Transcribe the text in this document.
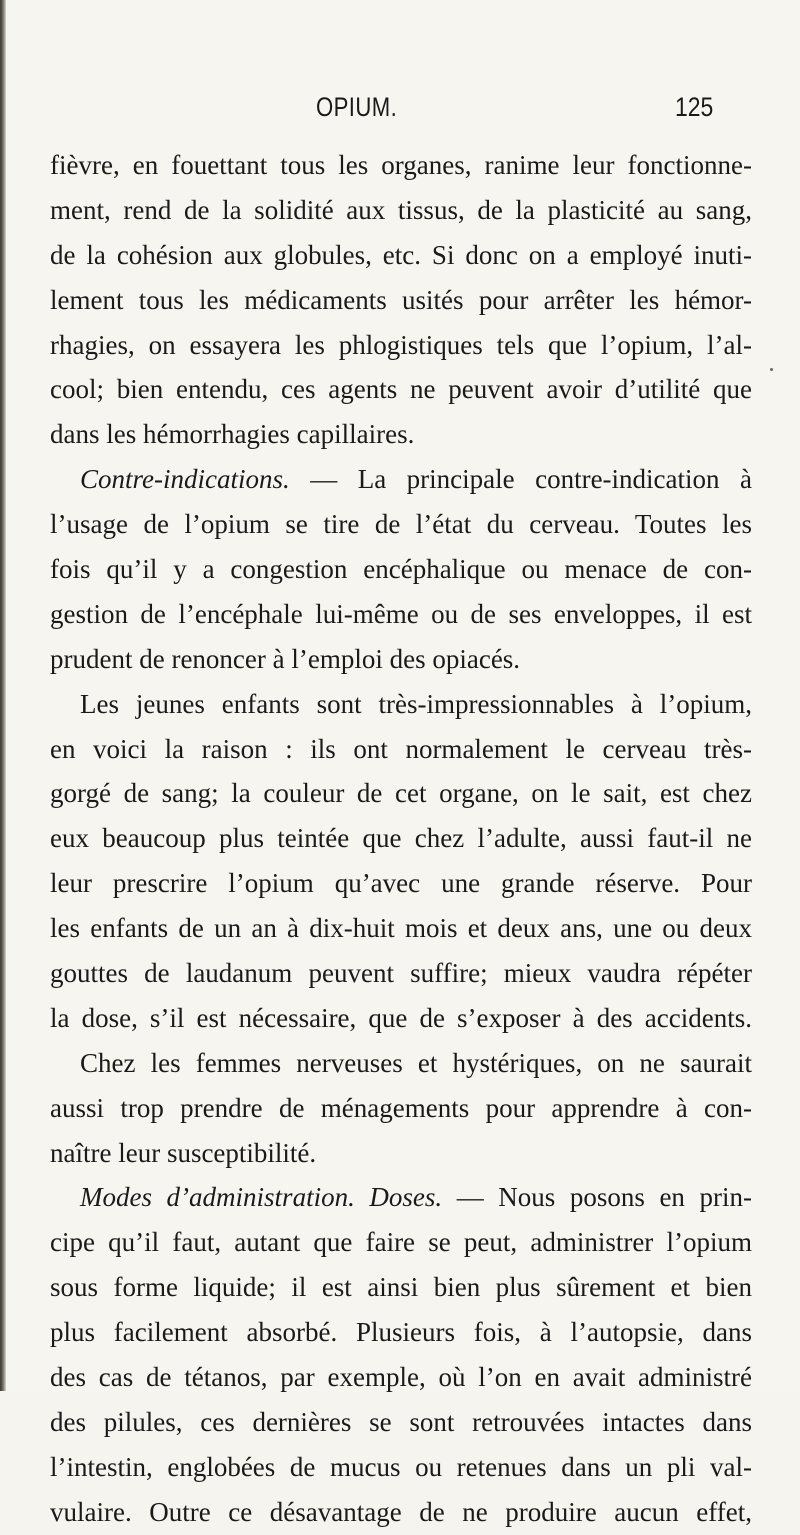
OPIUM.	125
fièvre, en fouettant tous les organes, ranime leur fonctionne-
ment, rend de la solidité aux tissus, de la plasticité au sang,
de la cohésion aux globules, etc. Si donc on a employé inuti-
lement tous les médicaments usités pour arrêter les hémor-
rhagies, on essayera les phlogistiques tels que l’opium, l’al-
cool; bien entendu, ces agents ne peuvent avoir d’utilité que
dans les hémorrhagies capillaires.
Contre-indications. — La principale contre-indication à
l’usage de l’opium se tire de l’état du cerveau. Toutes les
fois qu’il y a congestion encéphalique ou menace de con-
gestion de l’encéphale lui-même ou de ses enveloppes, il est
prudent de renoncer à l’emploi des opiacés.
Les jeunes enfants sont très-impressionnables à l’opium,
en voici la raison : ils ont normalement le cerveau très-
gorgé de sang; la couleur de cet organe, on le sait, est chez
eux beaucoup plus teintée que chez l’adulte, aussi faut-il ne
leur prescrire l’opium qu’avec une grande réserve. Pour
les enfants de un an à dix-huit mois et deux ans, une ou deux
gouttes de laudanum peuvent suffire; mieux vaudra répéter
la dose, s’il est nécessaire, que de s’exposer à des accidents.
Chez les femmes nerveuses et hystériques, on ne saurait
aussi trop prendre de ménagements pour apprendre à con-
naître leur susceptibilité.
Modes d’administration. Doses. — Nous posons en prin-
cipe qu’il faut, autant que faire se peut, administrer l’opium
sous forme liquide; il est ainsi bien plus sûrement et bien
plus facilement absorbé. Plusieurs fois, à l’autopsie, dans
des cas de tétanos, par exemple, où l’on en avait administré
des pilules, ces dernières se sont retrouvées intactes dans
l’intestin, englobées de mucus ou retenues dans un pli val-
vulaire. Outre ce désavantage de ne produire aucun effet,
